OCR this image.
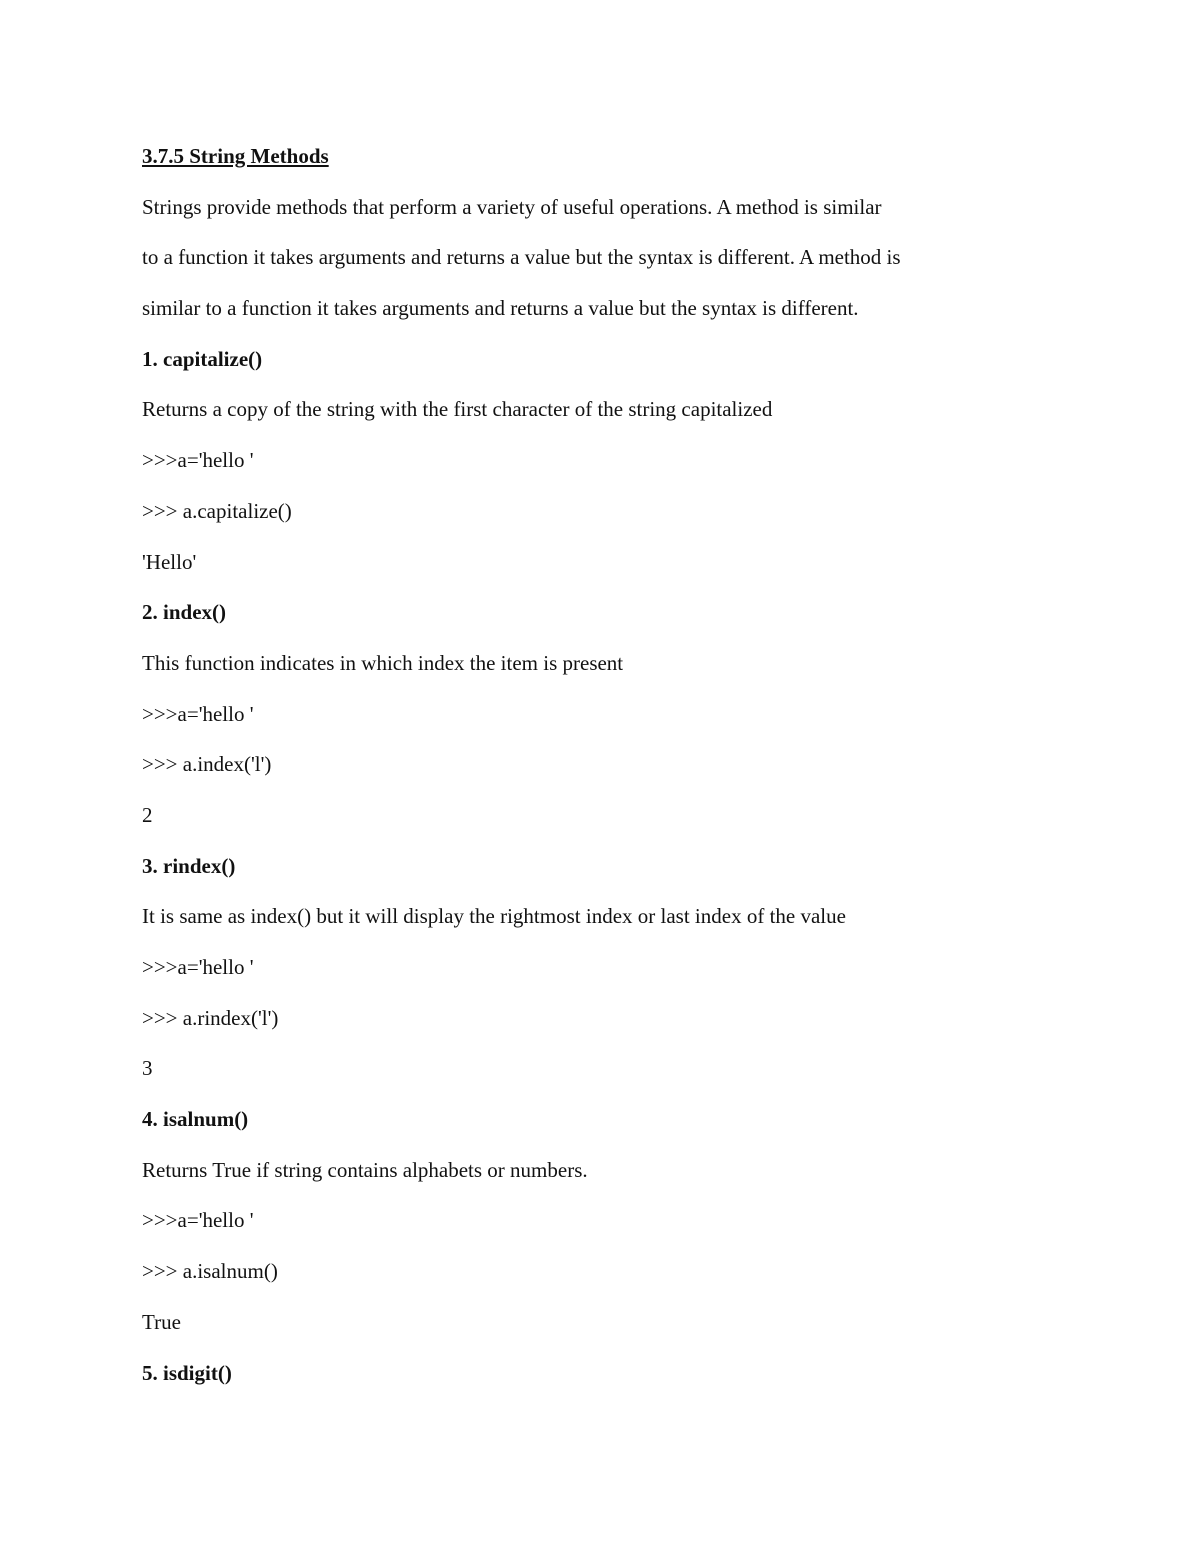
3.7.5 String Methods
Strings provide methods that perform a variety of useful operations. A method is similar
to a function it takes arguments and returns a value but the syntax is different. A method is
similar to a function it takes arguments and returns a value but the syntax is different.
1. capitalize()
Returns a copy of the string with the first character of the string capitalized
>>>a='hello '
>>> a.capitalize()
'Hello'
2. index()
This function indicates in which index the item is present
>>>a='hello '
>>> a.index('l')
2
3. rindex()
It is same as index() but it will display the rightmost index or last index of the value
>>>a='hello '
>>> a.rindex('l')
3
4. isalnum()
Returns True if string contains alphabets or numbers.
>>>a='hello '
>>> a.isalnum()
True
5. isdigit()
